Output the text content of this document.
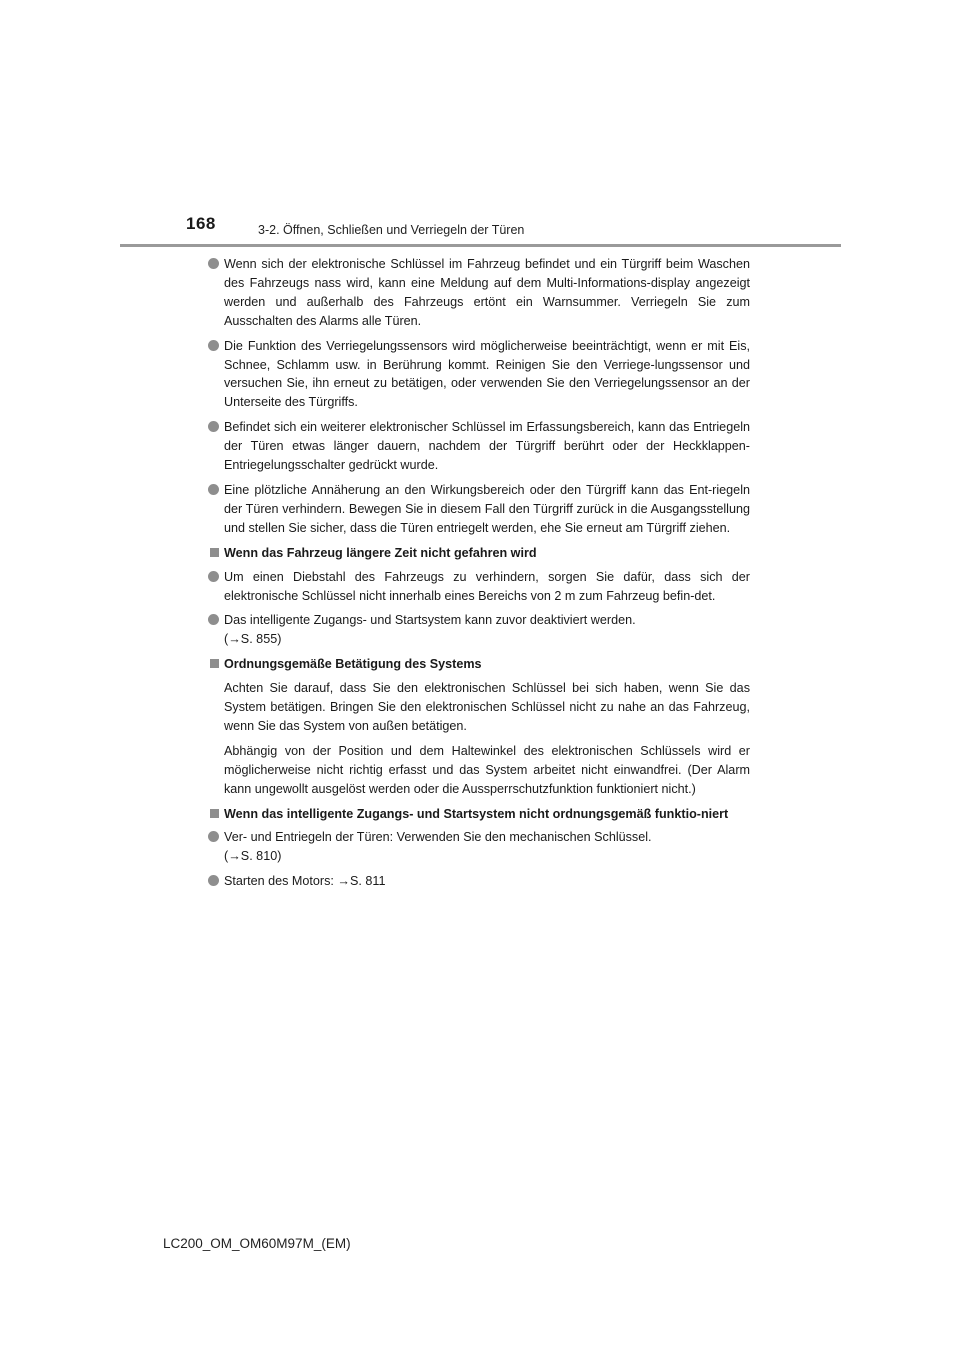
168	3-2. Öffnen, Schließen und Verriegeln der Türen
Wenn sich der elektronische Schlüssel im Fahrzeug befindet und ein Türgriff beim Waschen des Fahrzeugs nass wird, kann eine Meldung auf dem Multi-Informations-display angezeigt werden und außerhalb des Fahrzeugs ertönt ein Warnsummer. Verriegeln Sie zum Ausschalten des Alarms alle Türen.
Die Funktion des Verriegelungssensors wird möglicherweise beeinträchtigt, wenn er mit Eis, Schnee, Schlamm usw. in Berührung kommt. Reinigen Sie den Verriege-lungssensor und versuchen Sie, ihn erneut zu betätigen, oder verwenden Sie den Verriegelungssensor an der Unterseite des Türgriffs.
Befindet sich ein weiterer elektronischer Schlüssel im Erfassungsbereich, kann das Entriegeln der Türen etwas länger dauern, nachdem der Türgriff berührt oder der Heckklappen-Entriegelungsschalter gedrückt wurde.
Eine plötzliche Annäherung an den Wirkungsbereich oder den Türgriff kann das Ent-riegeln der Türen verhindern. Bewegen Sie in diesem Fall den Türgriff zurück in die Ausgangsstellung und stellen Sie sicher, dass die Türen entriegelt werden, ehe Sie erneut am Türgriff ziehen.
Wenn das Fahrzeug längere Zeit nicht gefahren wird
Um einen Diebstahl des Fahrzeugs zu verhindern, sorgen Sie dafür, dass sich der elektronische Schlüssel nicht innerhalb eines Bereichs von 2 m zum Fahrzeug befin-det.
Das intelligente Zugangs- und Startsystem kann zuvor deaktiviert werden.
(→S. 855)
Ordnungsgemäße Betätigung des Systems
Achten Sie darauf, dass Sie den elektronischen Schlüssel bei sich haben, wenn Sie das System betätigen. Bringen Sie den elektronischen Schlüssel nicht zu nahe an das Fahrzeug, wenn Sie das System von außen betätigen.
Abhängig von der Position und dem Haltewinkel des elektronischen Schlüssels wird er möglicherweise nicht richtig erfasst und das System arbeitet nicht einwandfrei. (Der Alarm kann ungewollt ausgelöst werden oder die Aussperrschutzfunktion funktioniert nicht.)
Wenn das intelligente Zugangs- und Startsystem nicht ordnungsgemäß funktio-niert
Ver- und Entriegeln der Türen: Verwenden Sie den mechanischen Schlüssel.
(→S. 810)
Starten des Motors: →S. 811
LC200_OM_OM60M97M_(EM)
